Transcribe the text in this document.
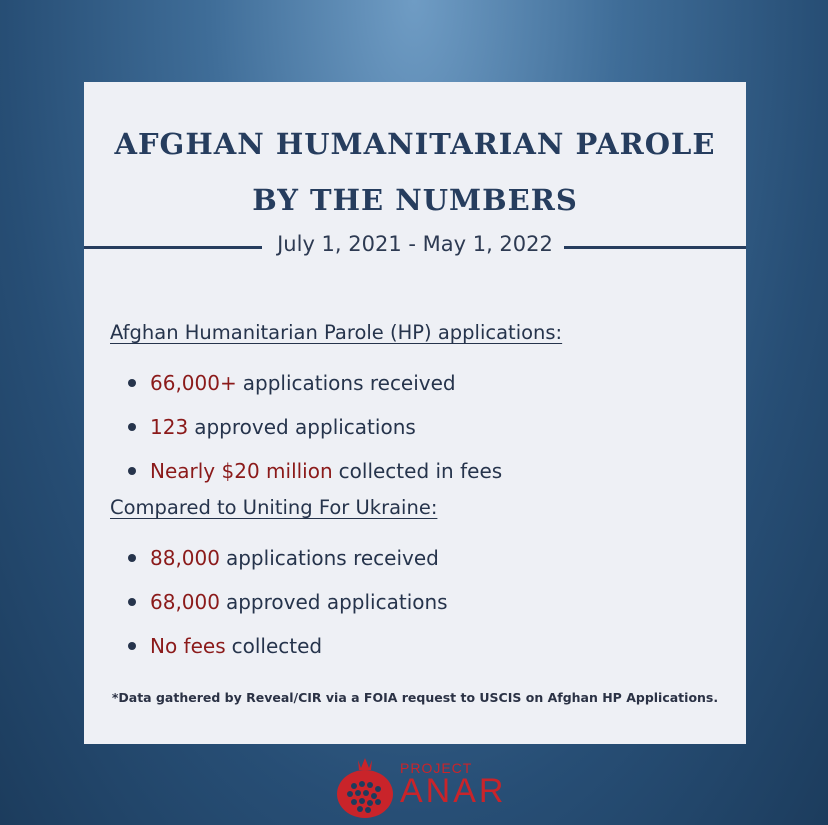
AFGHAN HUMANITARIAN PAROLE
BY THE NUMBERS
July 1, 2021 - May 1, 2022

Afghan Humanitarian Parole (HP) applications:

66,000+ applications received
123 approved applications
Nearly $20 million collected in fees

Compared to Uniting For Ukraine:

88,000 applications received
68,000 approved applications
No fees collected
*Data gathered by Reveal/CIR via a FOIA request to USCIS on Afghan HP Applications.
PROJECT
ANAR
